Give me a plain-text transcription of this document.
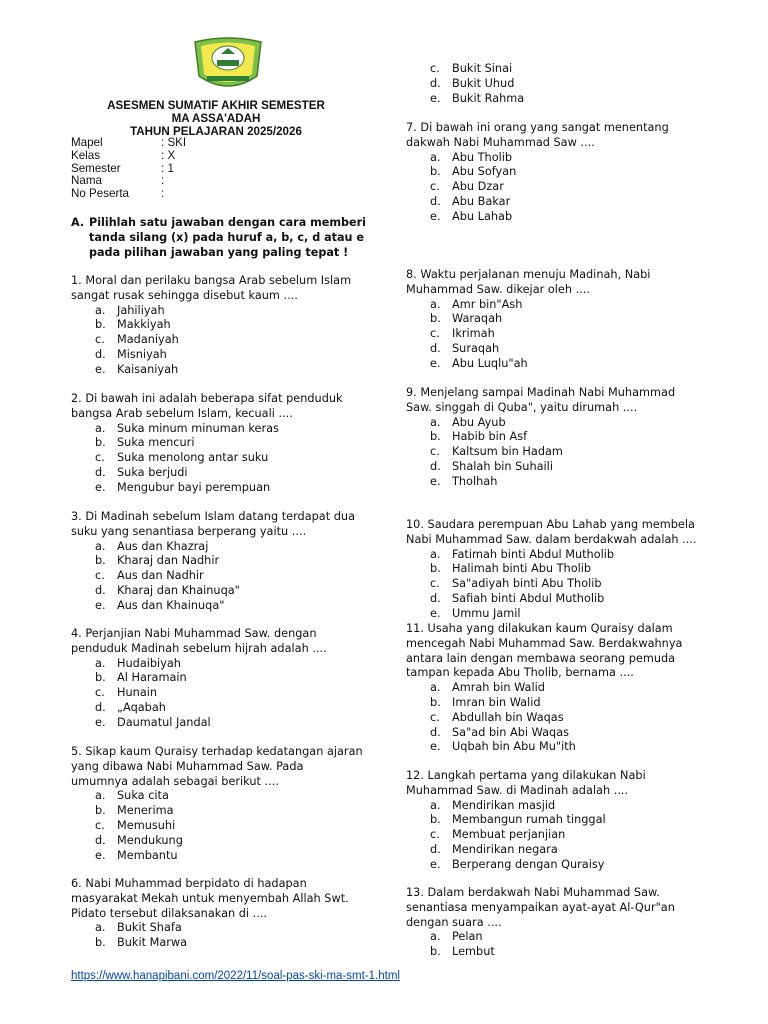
ASESMEN SUMATIF AKHIR SEMESTER
MA ASSA'ADAH
TAHUN PELAJARAN 2025/2026
Mapel	: SKI
Kelas	: X
Semester	: 1
Nama	:
No Peserta	:
A. Pilihlah satu jawaban dengan cara memberi
tanda silang (x) pada huruf a, b, c, d atau e
pada pilihan jawaban yang paling tepat !
c.	Bukit Sinai
d. Bukit Uhud
e.	Bukit Rahma
1. Moral dan perilaku bangsa Arab sebelum Islam
sangat rusak sehingga disebut kaum ....
a.	Jahiliyah
b. Makkiyah
c.	Madaniyah
d. Misniyah
e.	Kaisaniyah
2. Di bawah ini adalah beberapa sifat penduduk
bangsa Arab sebelum Islam, kecuali ....
a.	Suka minum minuman keras
b. Suka mencuri
c.	Suka menolong antar suku
d. Suka berjudi
e.	Mengubur bayi perempuan
3. Di Madinah sebelum Islam datang terdapat dua
suku yang senantiasa berperang yaitu ....
a.	Aus dan Khazraj
b. Kharaj dan Nadhir
c.	Aus dan Nadhir
d. Kharaj dan Khainuqa"
e.	Aus dan Khainuqa"
4. Perjanjian Nabi Muhammad Saw. dengan
penduduk Madinah sebelum hijrah adalah ....
a.	Hudaibiyah
b. Al Haramain
c.	Hunain
d. „Aqabah
e.	Daumatul Jandal
5. Sikap kaum Quraisy terhadap kedatangan ajaran
yang dibawa Nabi Muhammad Saw. Pada
umumnya adalah sebagai berikut ....
a.	Suka cita
b. Menerima
c.	Memusuhi
d. Mendukung
e.	Membantu
6. Nabi Muhammad berpidato di hadapan
masyarakat Mekah untuk menyembah Allah Swt.
Pidato tersebut dilaksanakan di ....
a.	Bukit Shafa
b. Bukit Marwa
7. Di bawah ini orang yang sangat menentang
dakwah Nabi Muhammad Saw ....
a.	Abu Tholib
b. Abu Sofyan
c.	Abu Dzar
d. Abu Bakar
e.	Abu Lahab
8. Waktu perjalanan menuju Madinah, Nabi
Muhammad Saw. dikejar oleh ....
a.	Amr bin"Ash
b. Waraqah
c.	Ikrimah
d. Suraqah
e.	Abu Luqlu"ah
9. Menjelang sampai Madinah Nabi Muhammad
Saw. singgah di Quba", yaitu dirumah ....
a.	Abu Ayub
b. Habib bin Asf
c.	Kaltsum bin Hadam
d. Shalah bin Suhaili
e.	Tholhah
10. Saudara perempuan Abu Lahab yang membela
Nabi Muhammad Saw. dalam berdakwah adalah ....
a.	Fatimah binti Abdul Mutholib
b. Halimah binti Abu Tholib
c.	Sa"adiyah binti Abu Tholib
d. Safiah binti Abdul Mutholib
e.	Ummu Jamil
11. Usaha yang dilakukan kaum Quraisy dalam
mencegah Nabi Muhammad Saw. Berdakwahnya
antara lain dengan membawa seorang pemuda
tampan kepada Abu Tholib, bernama ....
a.	Amrah bin Walid
b. Imran bin Walid
c.	Abdullah bin Waqas
d. Sa"ad bin Abi Waqas
e.	Uqbah bin Abu Mu"ith
12. Langkah pertama yang dilakukan Nabi
Muhammad Saw. di Madinah adalah ....
a.	Mendirikan masjid
b. Membangun rumah tinggal
c.	Membuat perjanjian
d. Mendirikan negara
e.	Berperang dengan Quraisy
13. Dalam berdakwah Nabi Muhammad Saw.
senantiasa menyampaikan ayat-ayat Al-Qur"an
dengan suara ....
a.	Pelan
b. Lembut
https://www.hanapibani.com/2022/11/soal-pas-ski-ma-smt-1.html
